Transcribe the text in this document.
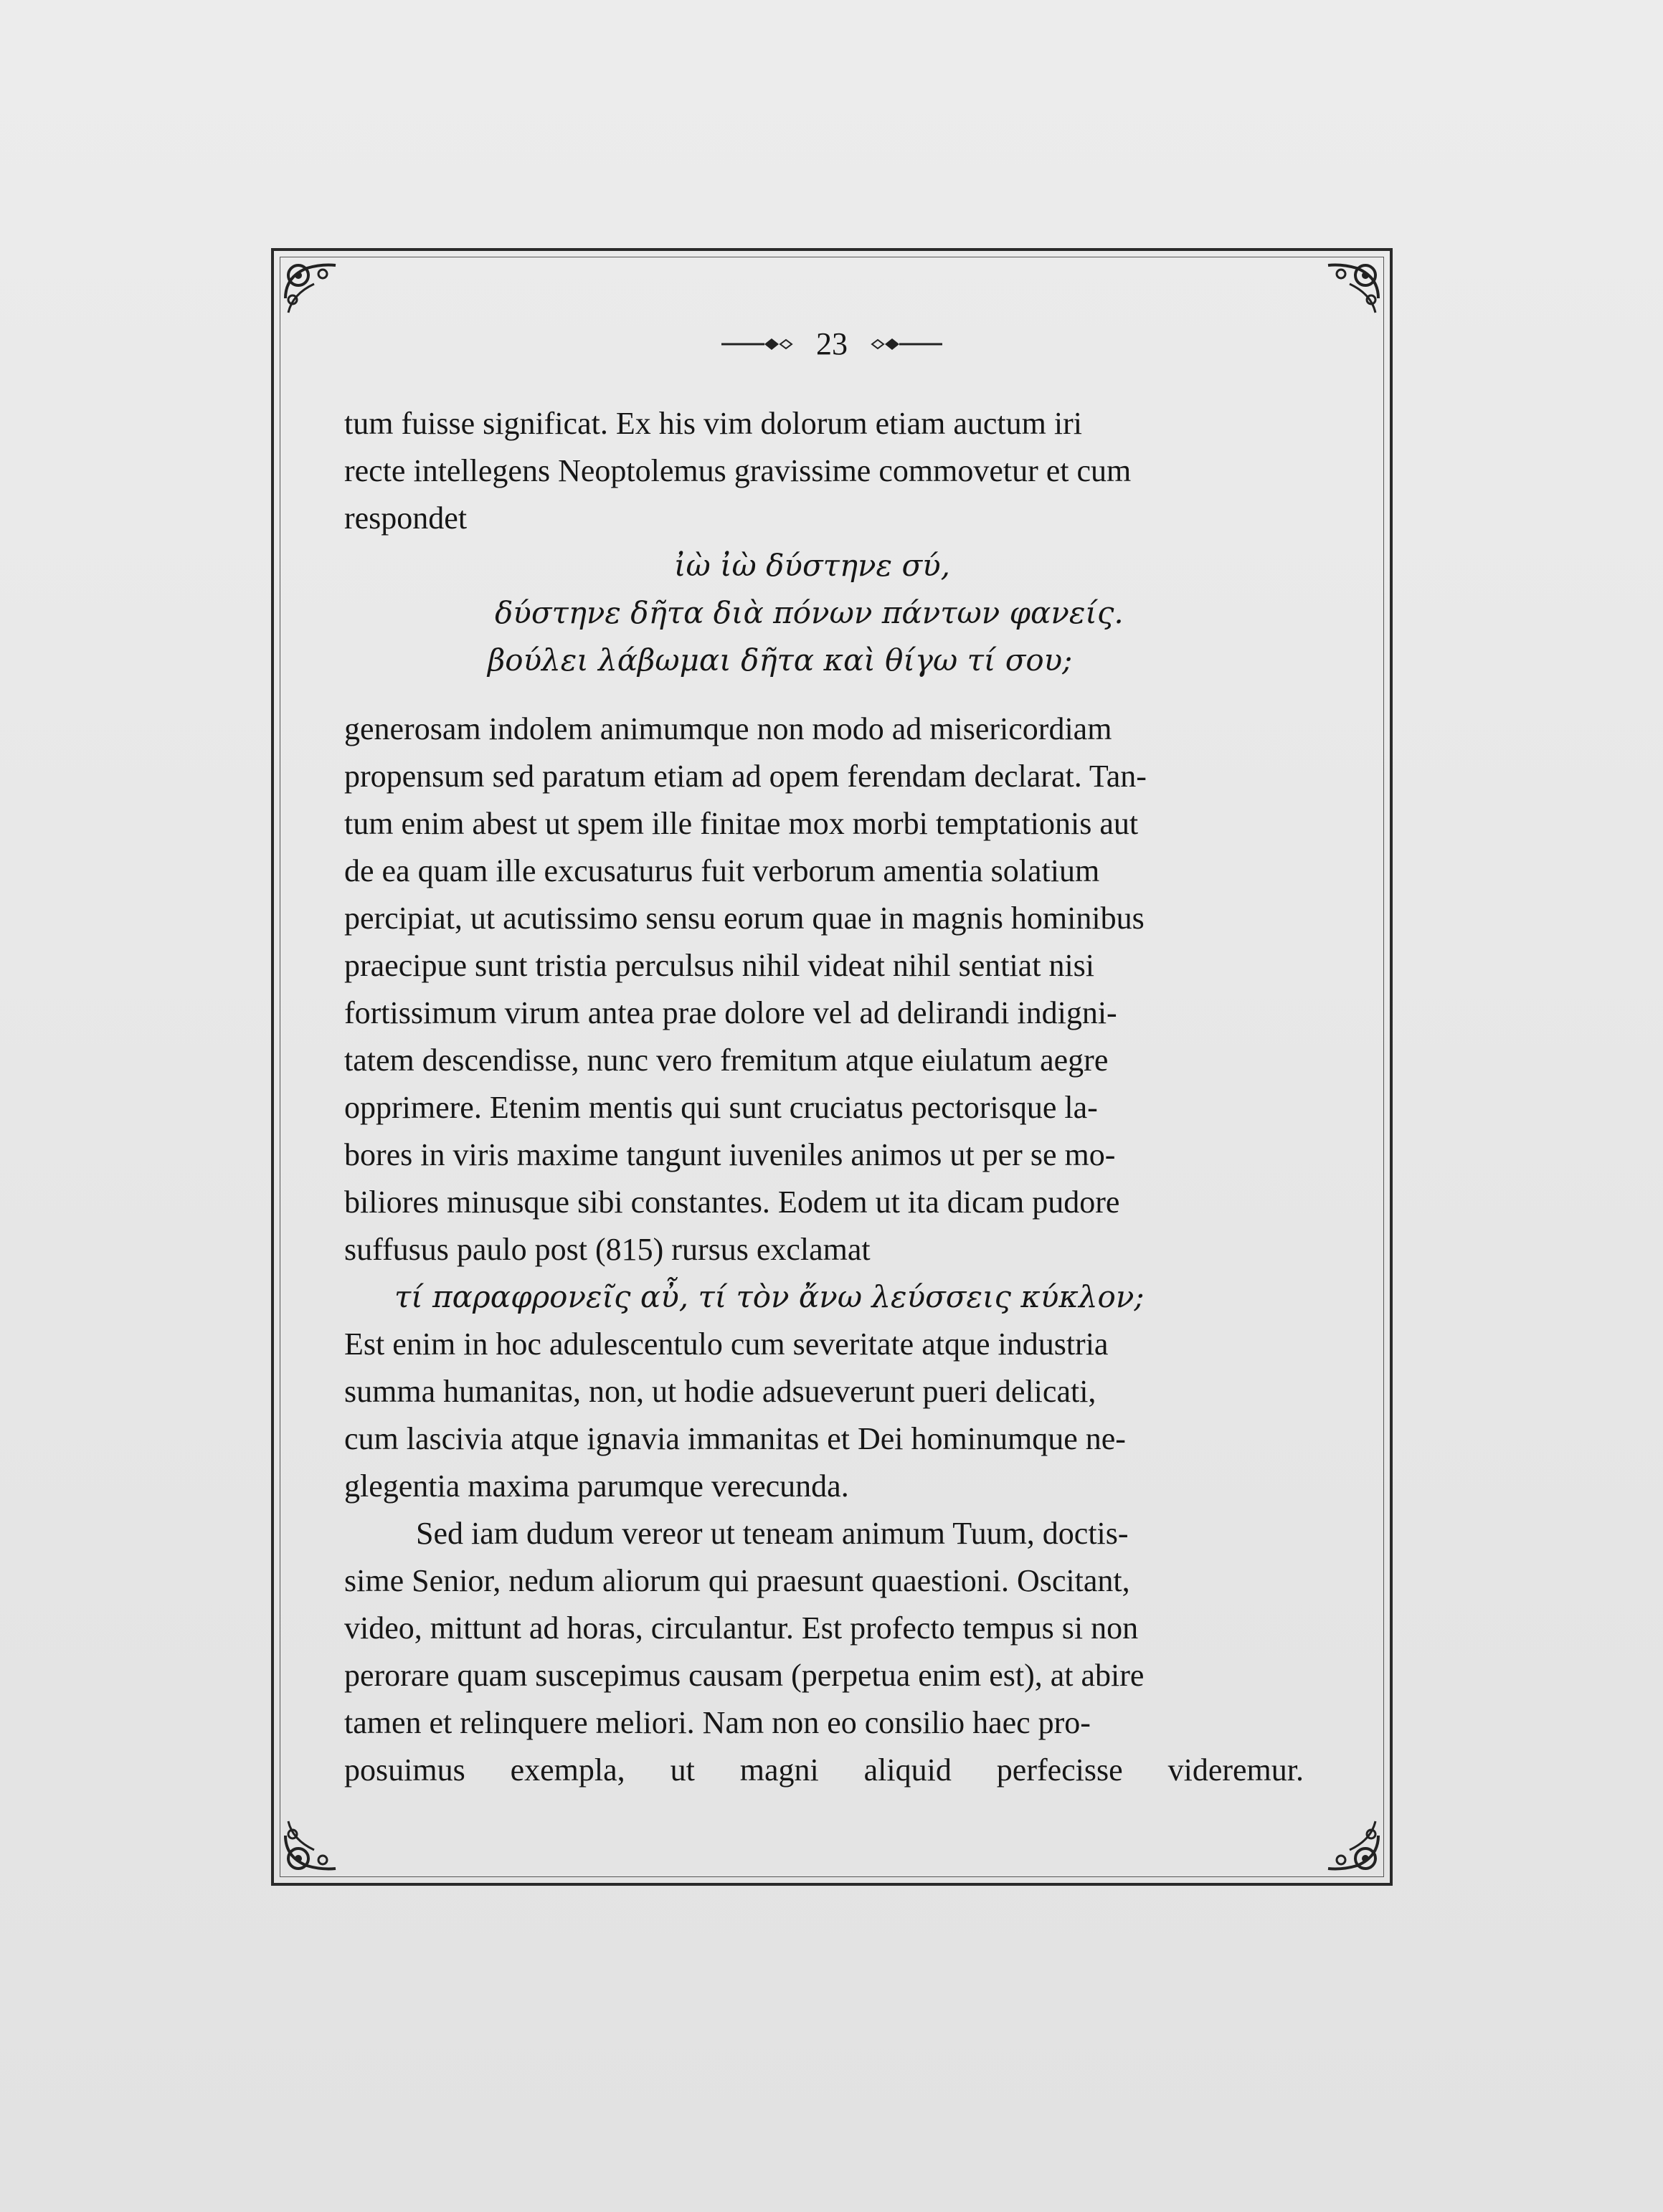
23

tum fuisse significat. Ex his vim dolorum etiam auctum iri

recte intellegens Neoptolemus gravissime commovetur et cum

respondet

ἰὼ ἰὼ δύστηνε σύ,

δύστηνε δῆτα διὰ πόνων πάντων φανείς.

βούλει λάβωμαι δῆτα καὶ θίγω τί σου;

generosam indolem animumque non modo ad misericordiam

propensum sed paratum etiam ad opem ferendam declarat. Tan-

tum enim abest ut spem ille finitae mox morbi temptationis aut

de ea quam ille excusaturus fuit verborum amentia solatium

percipiat, ut acutissimo sensu eorum quae in magnis hominibus

praecipue sunt tristia perculsus nihil videat nihil sentiat nisi

fortissimum virum antea prae dolore vel ad delirandi indigni-

tatem descendisse, nunc vero fremitum atque eiulatum aegre

opprimere. Etenim mentis qui sunt cruciatus pectorisque la-

bores in viris maxime tangunt iuveniles animos ut per se mo-

biliores minusque sibi constantes. Eodem ut ita dicam pudore

suffusus paulo post (815) rursus exclamat

τί παραφρονεῖς αὖ, τί τὸν ἄνω λεύσσεις κύκλον;

Est enim in hoc adulescentulo cum severitate atque industria

summa humanitas, non, ut hodie adsueverunt pueri delicati,

cum lascivia atque ignavia immanitas et Dei hominumque ne-

glegentia maxima parumque verecunda.

Sed iam dudum vereor ut teneam animum Tuum, doctis-

sime Senior, nedum aliorum qui praesunt quaestioni. Oscitant,

video, mittunt ad horas, circulantur. Est profecto tempus si non

perorare quam suscepimus causam (perpetua enim est), at abire

tamen et relinquere meliori. Nam non eo consilio haec pro-

posuimus exempla, ut magni aliquid perfecisse videremur.
